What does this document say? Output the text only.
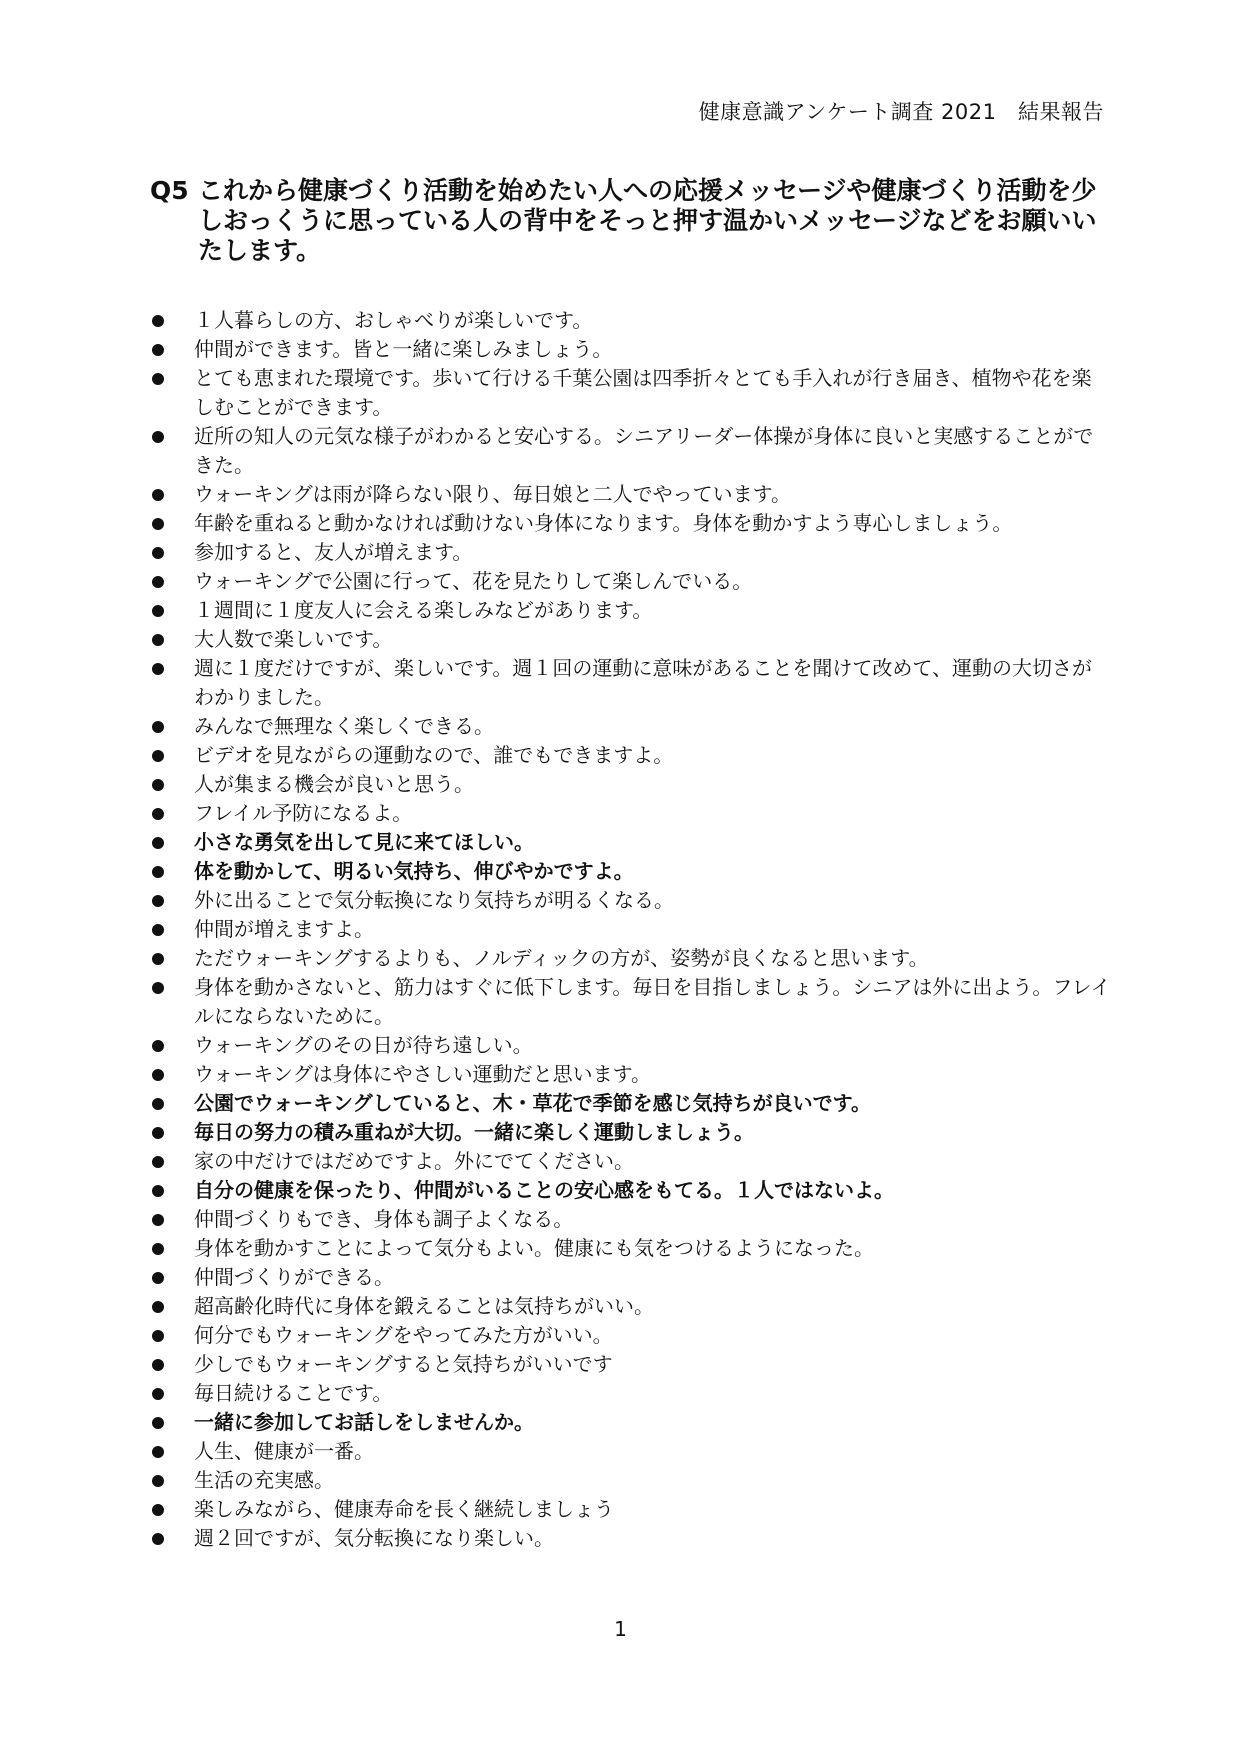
健康意識アンケート調査 2021　結果報告
Q5 これから健康づくり活動を始めたい人への応援メッセージや健康づくり活動を少しおっくうに思っている人の背中をそっと押す温かいメッセージなどをお願いいたします。
１人暮らしの方、おしゃべりが楽しいです。
仲間ができます。皆と一緒に楽しみましょう。
とても恵まれた環境です。歩いて行ける千葉公園は四季折々とても手入れが行き届き、植物や花を楽しむことができます。
近所の知人の元気な様子がわかると安心する。シニアリーダー体操が身体に良いと実感することができた。
ウォーキングは雨が降らない限り、毎日娘と二人でやっています。
年齢を重ねると動かなければ動けない身体になります。身体を動かすよう専心しましょう。
参加すると、友人が増えます。
ウォーキングで公園に行って、花を見たりして楽しんでいる。
１週間に１度友人に会える楽しみなどがあります。
大人数で楽しいです。
週に１度だけですが、楽しいです。週１回の運動に意味があることを聞けて改めて、運動の大切さがわかりました。
みんなで無理なく楽しくできる。
ビデオを見ながらの運動なので、誰でもできますよ。
人が集まる機会が良いと思う。
フレイル予防になるよ。
小さな勇気を出して見に来てほしい。
体を動かして、明るい気持ち、伸びやかですよ。
外に出ることで気分転換になり気持ちが明るくなる。
仲間が増えますよ。
ただウォーキングするよりも、ノルディックの方が、姿勢が良くなると思います。
身体を動かさないと、筋力はすぐに低下します。毎日を目指しましょう。シニアは外に出よう。フレイルにならないために。
ウォーキングのその日が待ち遠しい。
ウォーキングは身体にやさしい運動だと思います。
公園でウォーキングしていると、木・草花で季節を感じ気持ちが良いです。
毎日の努力の積み重ねが大切。一緒に楽しく運動しましょう。
家の中だけではだめですよ。外にでてください。
自分の健康を保ったり、仲間がいることの安心感をもてる。１人ではないよ。
仲間づくりもでき、身体も調子よくなる。
身体を動かすことによって気分もよい。健康にも気をつけるようになった。
仲間づくりができる。
超高齢化時代に身体を鍛えることは気持ちがいい。
何分でもウォーキングをやってみた方がいい。
少しでもウォーキングすると気持ちがいいです
毎日続けることです。
一緒に参加してお話しをしませんか。
人生、健康が一番。
生活の充実感。
楽しみながら、健康寿命を長く継続しましょう
週２回ですが、気分転換になり楽しい。
1
